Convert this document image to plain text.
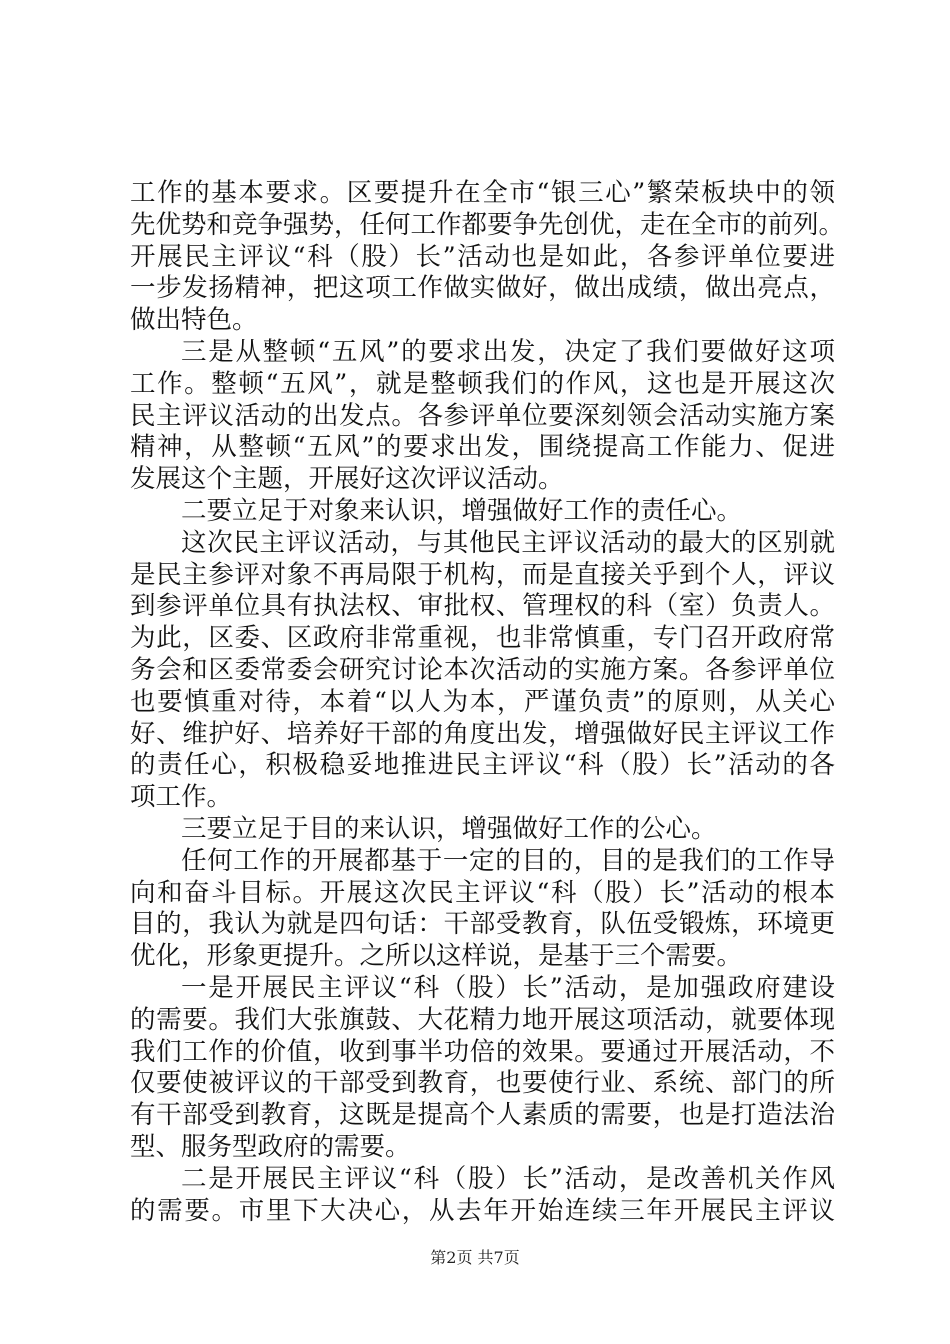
工作的基本要求。区要提升在全市“银三心”繁荣板块中的领
先优势和竞争强势，任何工作都要争先创优，走在全市的前列。
开展民主评议“科（股）长”活动也是如此，各参评单位要进
一步发扬精神，把这项工作做实做好，做出成绩，做出亮点，
做出特色。
三是从整顿“五风”的要求出发，决定了我们要做好这项
工作。整顿“五风”，就是整顿我们的作风，这也是开展这次
民主评议活动的出发点。各参评单位要深刻领会活动实施方案
精神，从整顿“五风”的要求出发，围绕提高工作能力、促进
发展这个主题，开展好这次评议活动。
二要立足于对象来认识，增强做好工作的责任心。
这次民主评议活动，与其他民主评议活动的最大的区别就
是民主参评对象不再局限于机构，而是直接关乎到个人，评议
到参评单位具有执法权、审批权、管理权的科（室）负责人。
为此，区委、区政府非常重视，也非常慎重，专门召开政府常
务会和区委常委会研究讨论本次活动的实施方案。各参评单位
也要慎重对待，本着“以人为本，严谨负责”的原则，从关心
好、维护好、培养好干部的角度出发，增强做好民主评议工作
的责任心，积极稳妥地推进民主评议“科（股）长”活动的各
项工作。
三要立足于目的来认识，增强做好工作的公心。
任何工作的开展都基于一定的目的，目的是我们的工作导
向和奋斗目标。开展这次民主评议“科（股）长”活动的根本
目的，我认为就是四句话：干部受教育，队伍受锻炼，环境更
优化，形象更提升。之所以这样说，是基于三个需要。
一是开展民主评议“科（股）长”活动，是加强政府建设
的需要。我们大张旗鼓、大花精力地开展这项活动，就要体现
我们工作的价值，收到事半功倍的效果。要通过开展活动，不
仅要使被评议的干部受到教育，也要使行业、系统、部门的所
有干部受到教育，这既是提高个人素质的需要，也是打造法治
型、服务型政府的需要。
二是开展民主评议“科（股）长”活动，是改善机关作风
的需要。市里下大决心，从去年开始连续三年开展民主评议
第2页 共7页
